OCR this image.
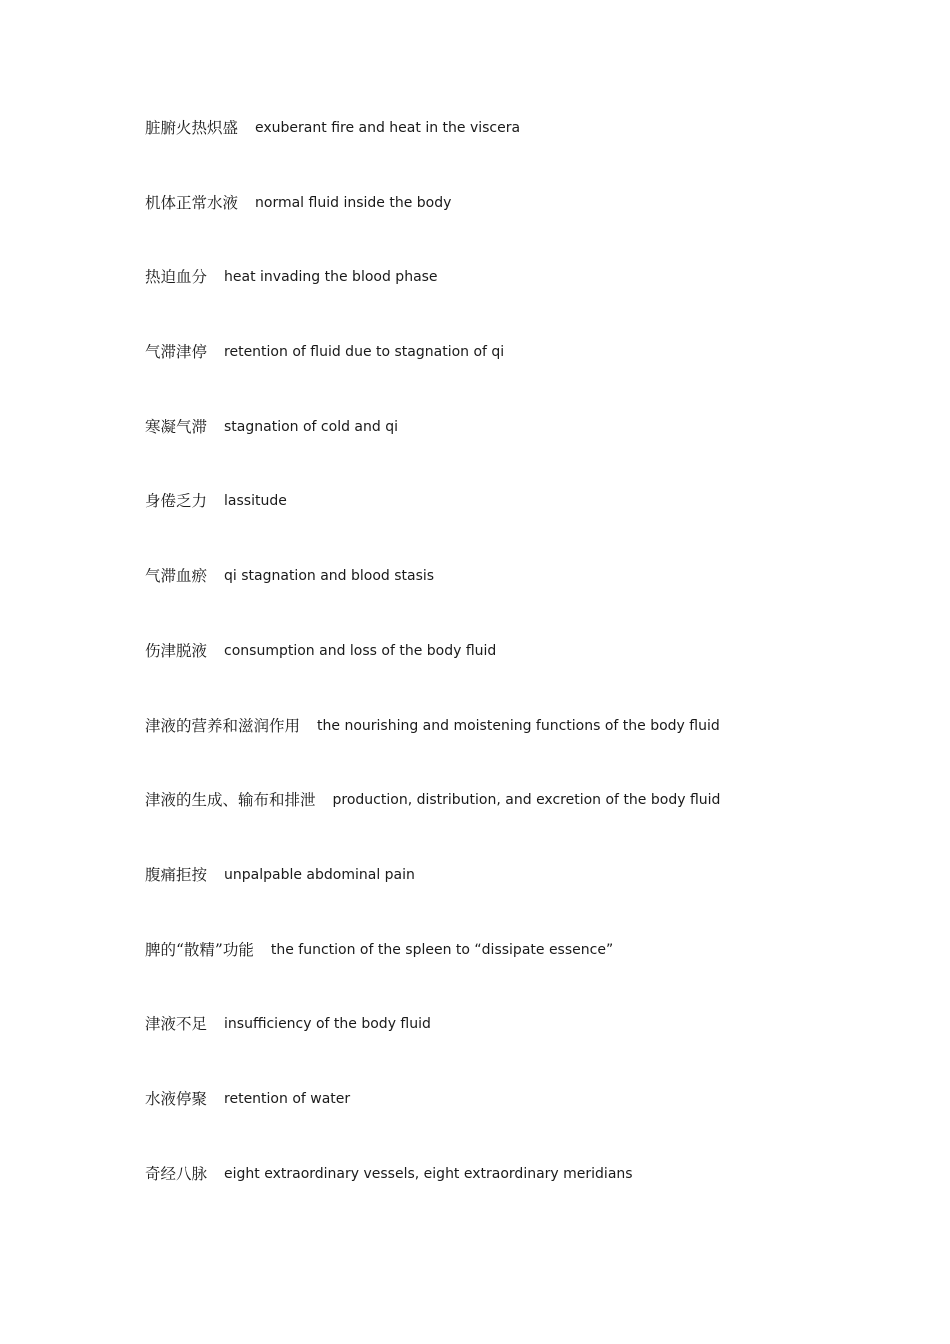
脏腑火热炽盛 exuberant fire and heat in the viscera
机体正常水液 normal fluid inside the body
热迫血分 heat invading the blood phase
气滞津停 retention of fluid due to stagnation of qi
寒凝气滞 stagnation of cold and qi
身倦乏力 lassitude
气滞血瘀 qi stagnation and blood stasis
伤津脱液 consumption and loss of the body fluid
津液的营养和滋润作用 the nourishing and moistening functions of the body fluid
津液的生成、输布和排泄 production, distribution, and excretion of the body fluid
腹痛拒按 unpalpable abdominal pain
脾的“散精”功能 the function of the spleen to “dissipate essence”
津液不足 insufficiency of the body fluid
水液停聚 retention of water
奇经八脉 eight extraordinary vessels, eight extraordinary meridians
